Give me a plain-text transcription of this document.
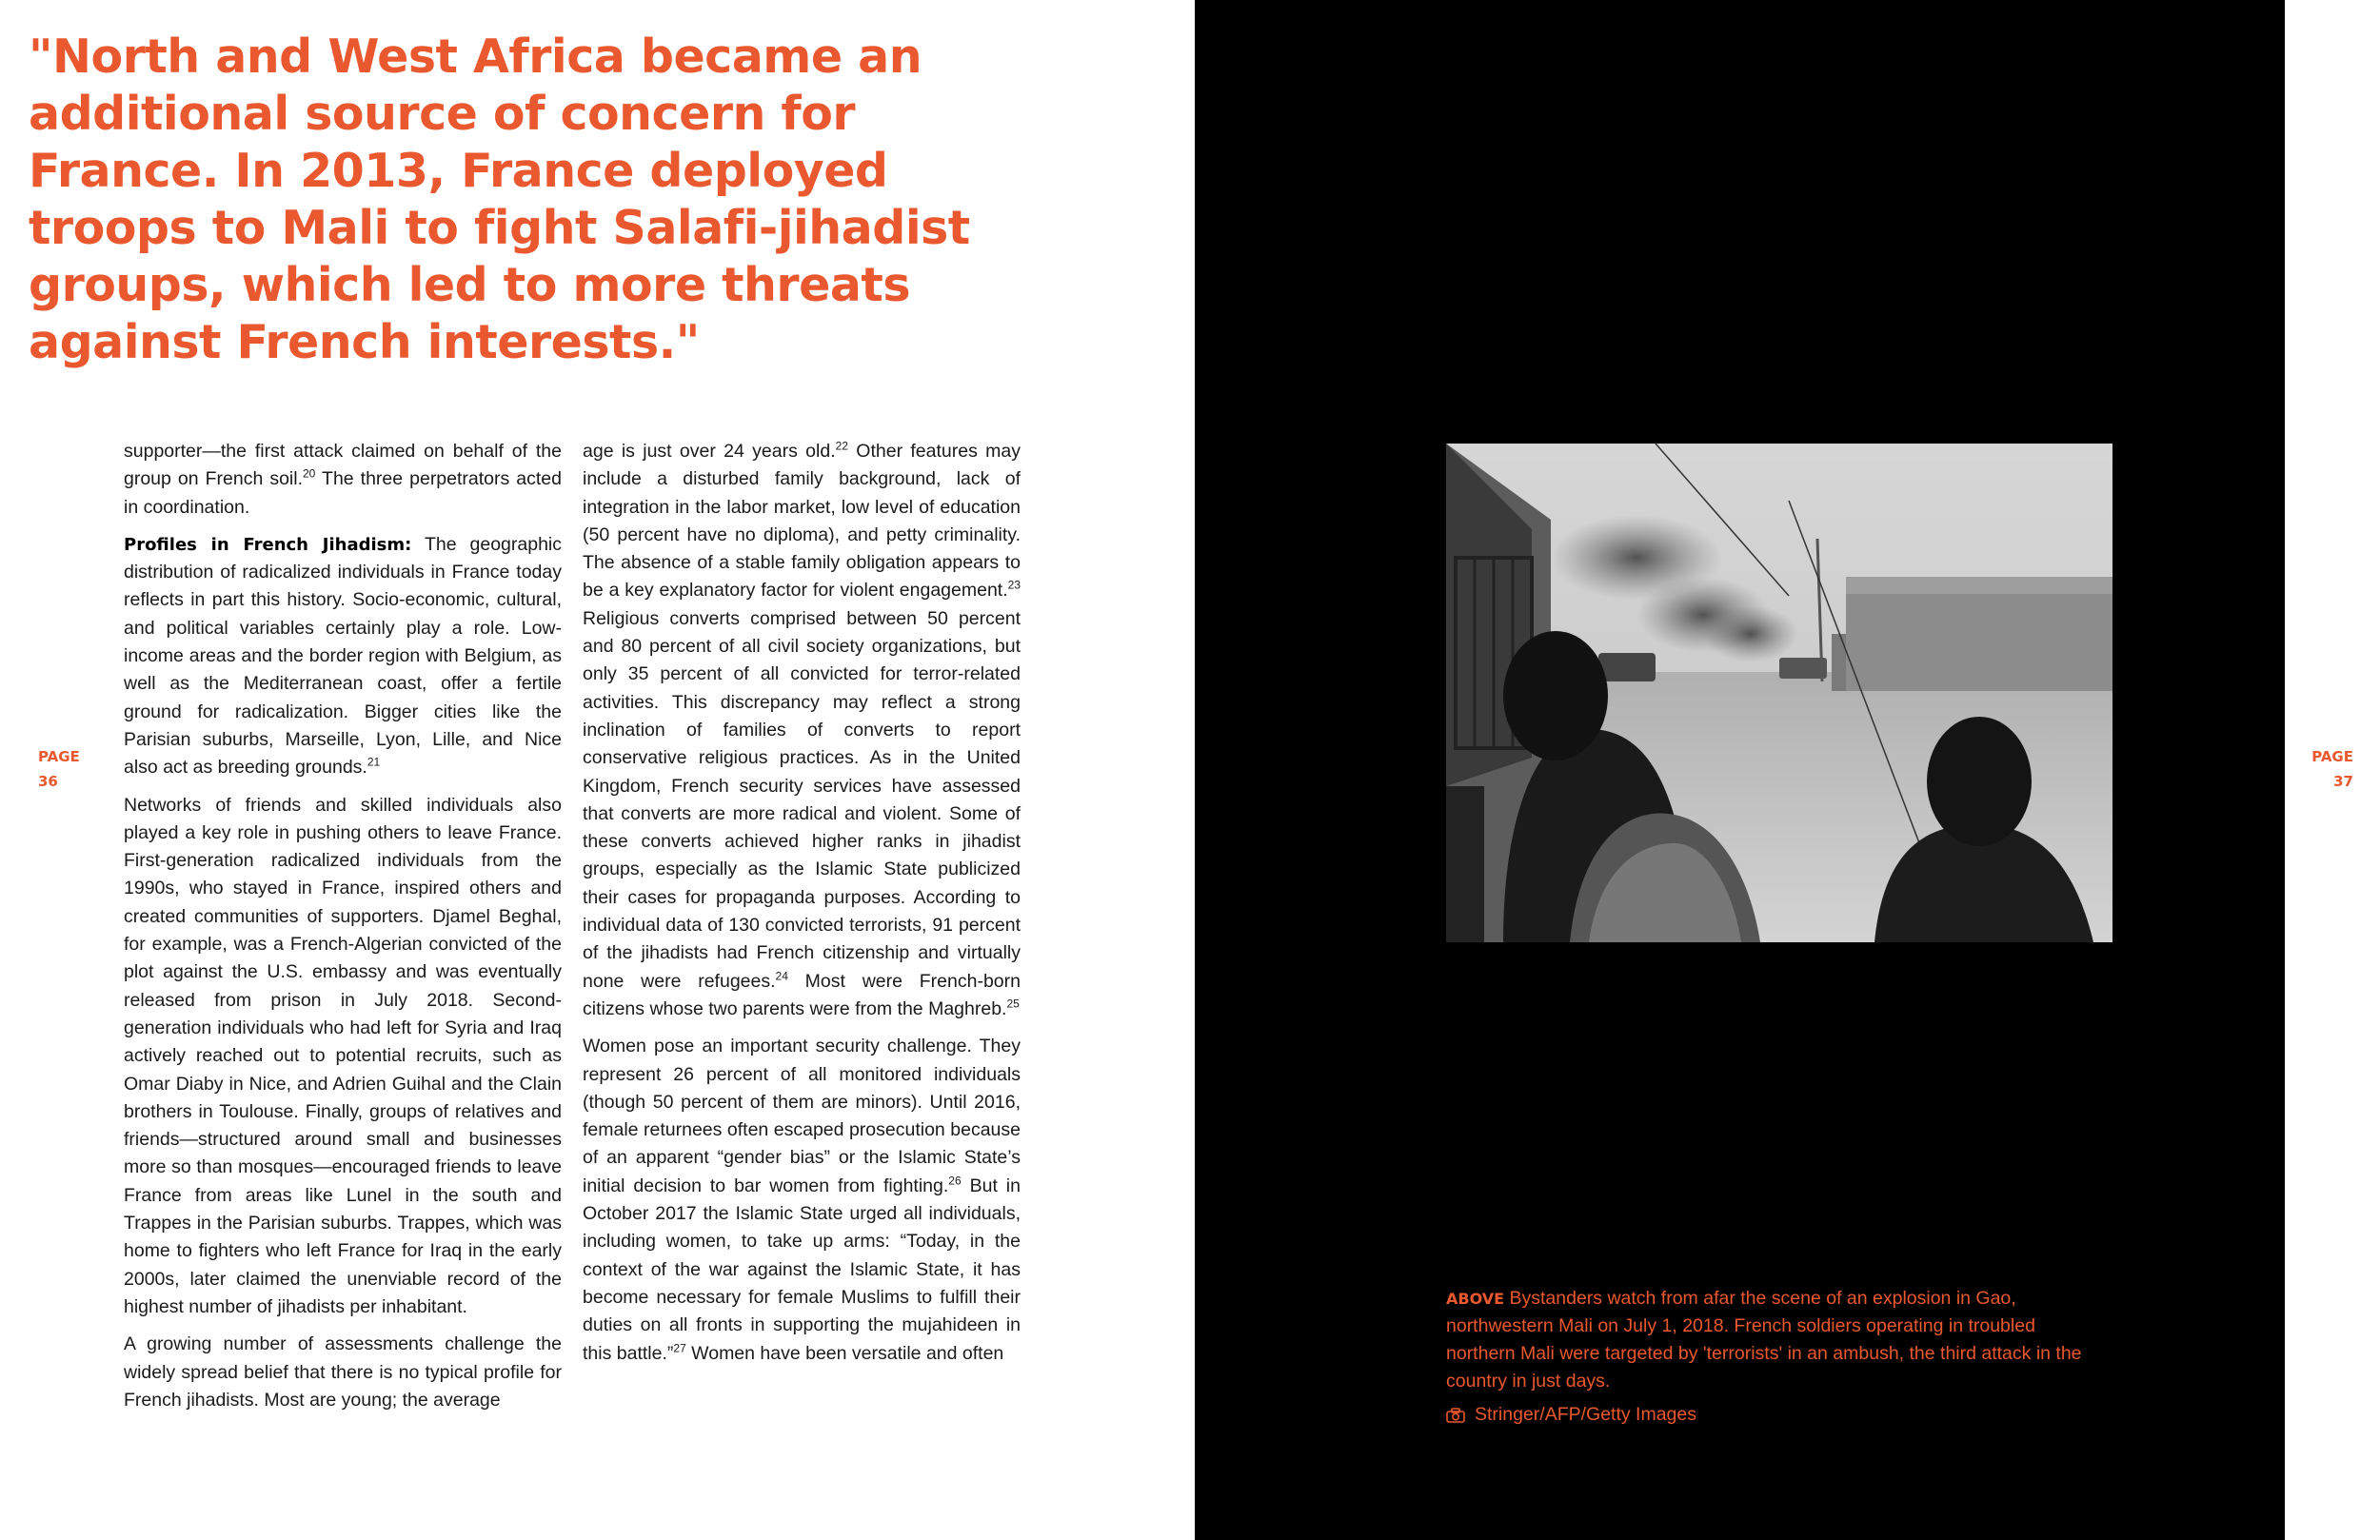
"North and West Africa became an additional source of concern for France. In 2013, France deployed troops to Mali to fight Salafi-jihadist groups, which led to more threats against French interests."
PAGE
36

supporter—the first attack claimed on behalf of the group on French soil.$^{20}$ The three perpetrators acted in coordination.

Profiles in French Jihadism: The geographic distribution of radicalized individuals in France today reflects in part this history. Socio-economic, cultural, and political variables certainly play a role. Low-income areas and the border region with Belgium, as well as the Mediterranean coast, offer a fertile ground for radicalization. Bigger cities like the Parisian suburbs, Marseille, Lyon, Lille, and Nice also act as breeding grounds.$^{21}$

Networks of friends and skilled individuals also played a key role in pushing others to leave France. First-generation radicalized individuals from the 1990s, who stayed in France, inspired others and created communities of supporters. Djamel Beghal, for example, was a French-Algerian convicted of the plot against the U.S. embassy and was eventually released from prison in July 2018. Second-generation individuals who had left for Syria and Iraq actively reached out to potential recruits, such as Omar Diaby in Nice, and Adrien Guihal and the Clain brothers in Toulouse. Finally, groups of relatives and friends—structured around small and businesses more so than mosques—encouraged friends to leave France from areas like Lunel in the south and Trappes in the Parisian suburbs. Trappes, which was home to fighters who left France for Iraq in the early 2000s, later claimed the unenviable record of the highest number of jihadists per inhabitant.

A growing number of assessments challenge the widely spread belief that there is no typical profile for French jihadists. Most are young; the average

age is just over 24 years old.$^{22}$ Other features may include a disturbed family background, lack of integration in the labor market, low level of education (50 percent have no diploma), and petty criminality. The absence of a stable family obligation appears to be a key explanatory factor for violent engagement.$^{23}$ Religious converts comprised between 50 percent and 80 percent of all civil society organizations, but only 35 percent of all convicted for terror-related activities. This discrepancy may reflect a strong inclination of families of converts to report conservative religious practices. As in the United Kingdom, French security services have assessed that converts are more radical and violent. Some of these converts achieved higher ranks in jihadist groups, especially as the Islamic State publicized their cases for propaganda purposes. According to individual data of 130 convicted terrorists, 91 percent of the jihadists had French citizenship and virtually none were refugees.$^{24}$ Most were French-born citizens whose two parents were from the Maghreb.$^{25}$

Women pose an important security challenge. They represent 26 percent of all monitored individuals (though 50 percent of them are minors). Until 2016, female returnees often escaped prosecution because of an apparent “gender bias” or the Islamic State’s initial decision to bar women from fighting.$^{26}$ But in October 2017 the Islamic State urged all individuals, including women, to take up arms: “Today, in the context of the war against the Islamic State, it has become necessary for female Muslims to fulfill their duties on all fronts in supporting the mujahideen in this battle.”$^{27}$ Women have been versatile and often

ABOVE Bystanders watch from afar the scene of an explosion in Gao, northwestern Mali on July 1, 2018. French soldiers operating in troubled northern Mali were targeted by 'terrorists' in an ambush, the third attack in the country in just days.
Stringer/AFP/Getty Images
PAGE
37
